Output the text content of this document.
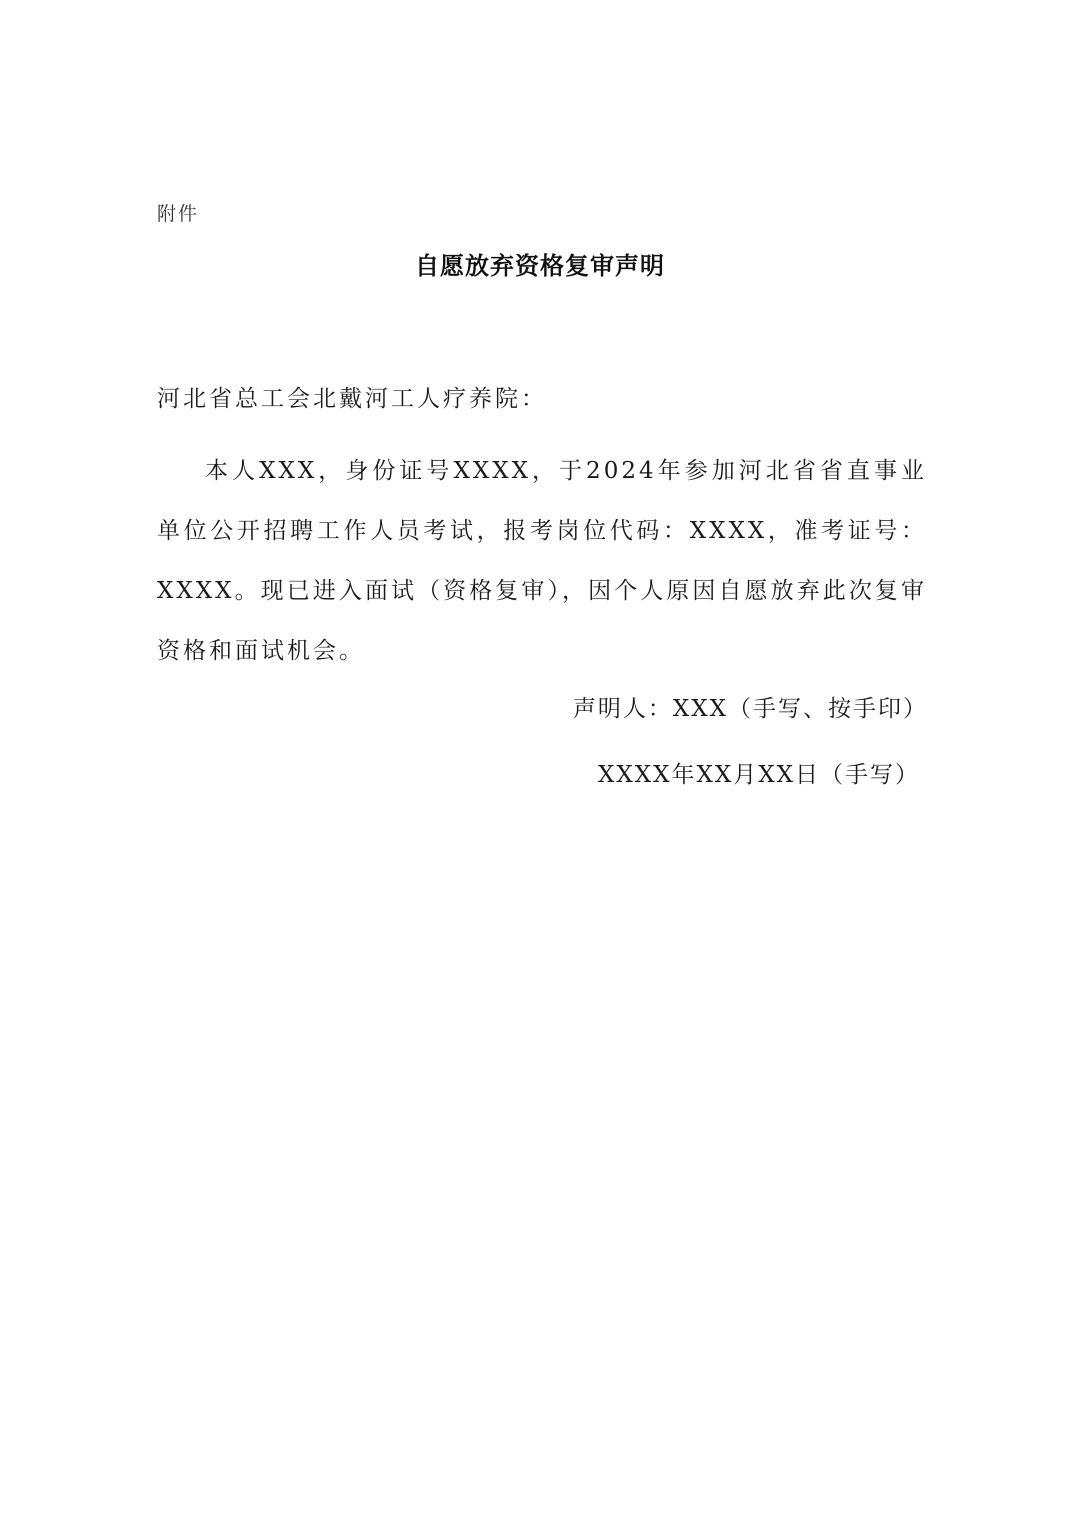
附件
自愿放弃资格复审声明
河北省总工会北戴河工人疗养院：

本人XXX，身份证号XXXX，于2024年参加河北省省直事业单位公开招聘工作人员考试，报考岗位代码：XXXX，准考证号：XXXX。现已进入面试（资格复审），因个人原因自愿放弃此次复审资格和面试机会。

声明人：XXX（手写、按手印）
XXXX年XX月XX日（手写）
